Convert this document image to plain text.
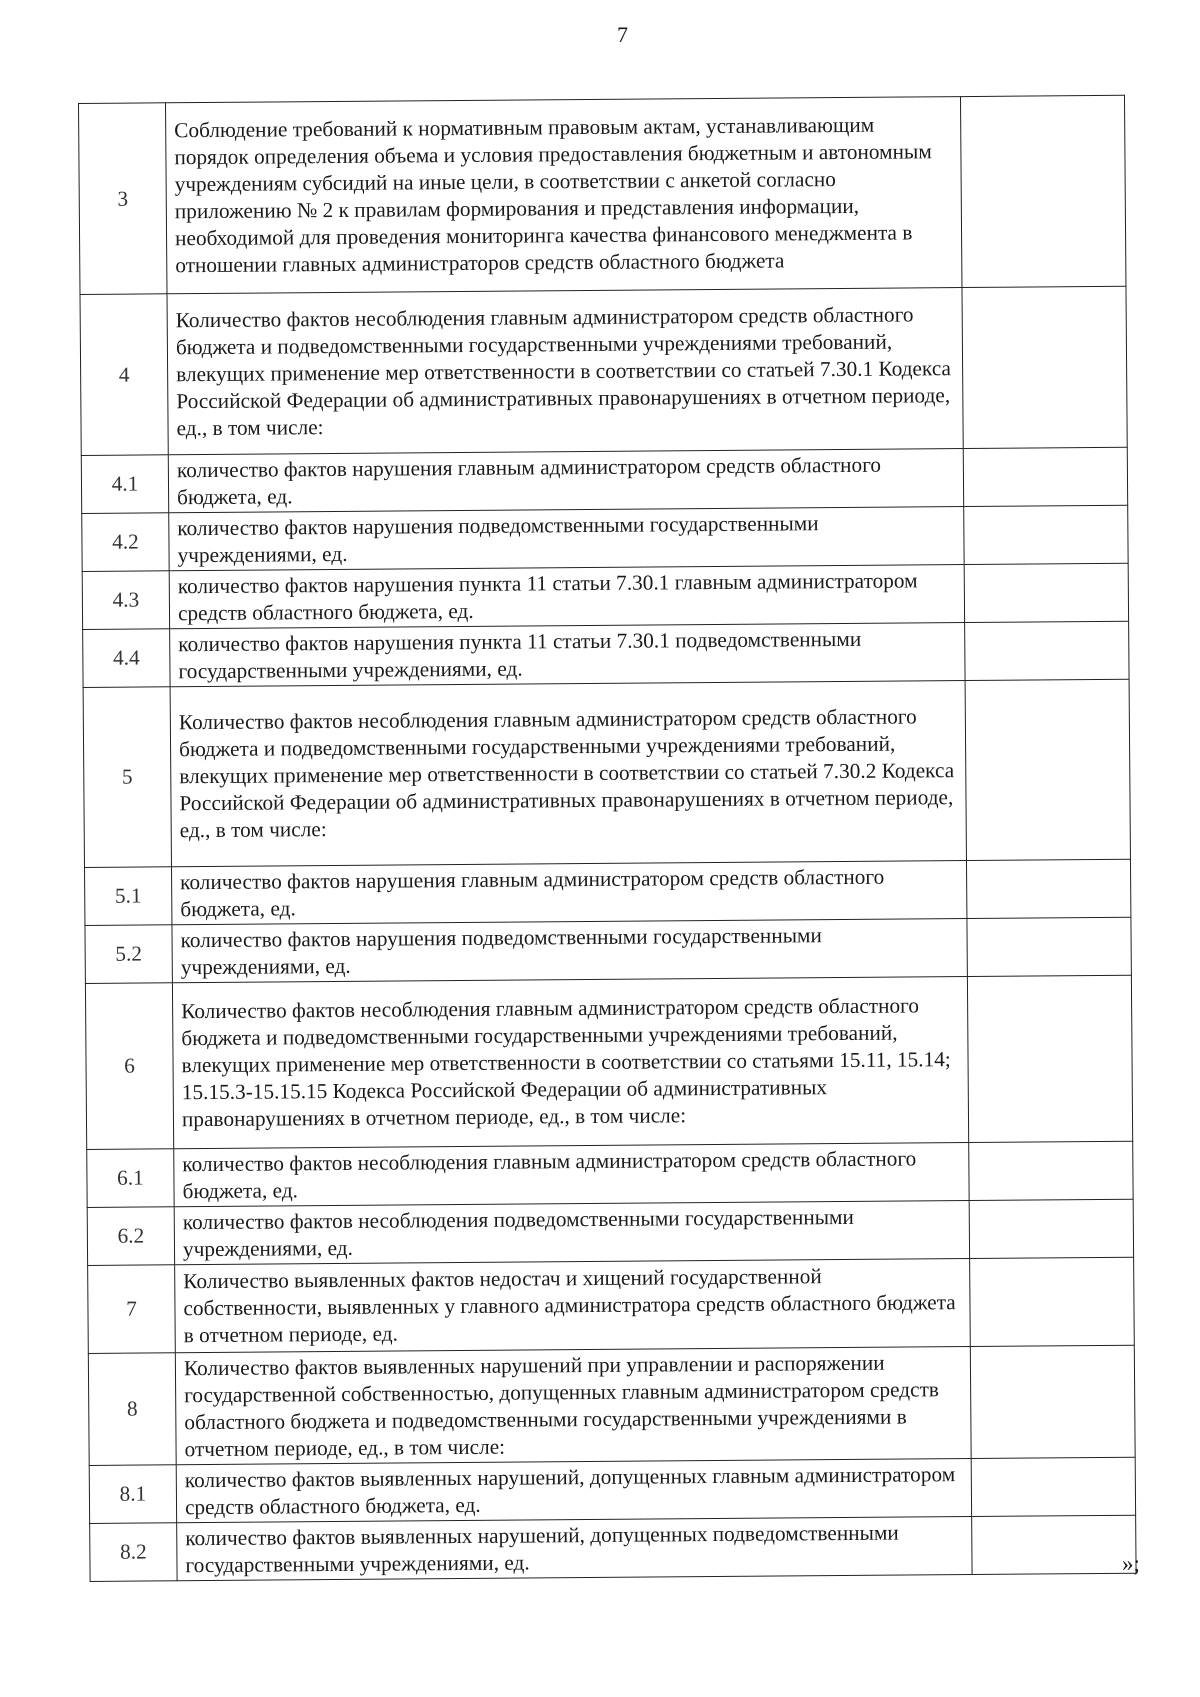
7
3	Соблюдение требований к нормативным правовым актам, устанавливающим порядок определения объема и условия предоставления бюджетным и автономным учреждениям субсидий на иные цели, в соответствии с анкетой согласно приложению № 2 к правилам формирования и представления информации, необходимой для проведения мониторинга качества финансового менеджмента в отношении главных администраторов средств областного бюджета	
4	Количество фактов несоблюдения главным администратором средств областного бюджета и подведомственными государственными учреждениями требований, влекущих применение мер ответственности в соответствии со статьей 7.30.1 Кодекса Российской Федерации об административных правонарушениях в отчетном периоде, ед., в том числе:	
4.1	количество фактов нарушения главным администратором средств областного бюджета, ед.	
4.2	количество фактов нарушения подведомственными государственными учреждениями, ед.	
4.3	количество фактов нарушения пункта 11 статьи 7.30.1 главным администратором средств областного бюджета, ед.	
4.4	количество фактов нарушения пункта 11 статьи 7.30.1 подведомственными государственными учреждениями, ед.	
5	Количество фактов несоблюдения главным администратором средств областного бюджета и подведомственными государственными учреждениями требований, влекущих применение мер ответственности в соответствии со статьей 7.30.2 Кодекса Российской Федерации об административных правонарушениях в отчетном периоде, ед., в том числе:	
5.1	количество фактов нарушения главным администратором средств областного бюджета, ед.	
5.2	количество фактов нарушения подведомственными государственными учреждениями, ед.	
6	Количество фактов несоблюдения главным администратором средств областного бюджета и подведомственными государственными учреждениями требований, влекущих применение мер ответственности в соответствии со статьями 15.11, 15.14; 15.15.3-15.15.15 Кодекса Российской Федерации об административных правонарушениях в отчетном периоде, ед., в том числе:	
6.1	количество фактов несоблюдения главным администратором средств областного бюджета, ед.	
6.2	количество фактов несоблюдения подведомственными государственными учреждениями, ед.	
7	Количество выявленных фактов недостач и хищений государственной собственности, выявленных у главного администратора средств областного бюджета в отчетном периоде, ед.	
8	Количество фактов выявленных нарушений при управлении и распоряжении государственной собственностью, допущенных главным администратором средств областного бюджета и подведомственными государственными учреждениями в отчетном периоде, ед., в том числе:	
8.1	количество фактов выявленных нарушений, допущенных главным администратором средств областного бюджета, ед.	
8.2	количество фактов выявленных нарушений, допущенных подведомственными государственными учреждениями, ед.		»;
